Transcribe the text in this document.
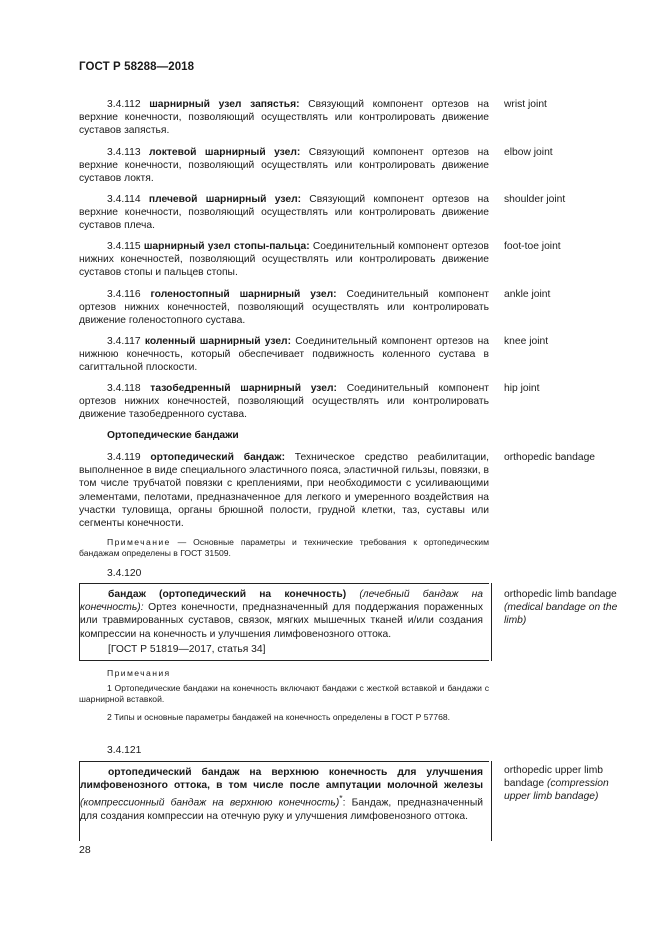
ГОСТ Р 58288—2018

3.4.112 шарнирный узел запястья: Связующий компонент ортезов на верхние конечности, позволяющий осуществлять или контролировать движение суставов запястья.

wrist joint

3.4.113 локтевой шарнирный узел: Связующий компонент ортезов на верхние конечности, позволяющий осуществлять или контролировать движение суставов локтя.

elbow joint

3.4.114 плечевой шарнирный узел: Связующий компонент ортезов на верхние конечности, позволяющий осуществлять или контролировать движение суставов плеча.

shoulder joint

3.4.115 шарнирный узел стопы-пальца: Соединительный компонент ортезов нижних конечностей, позволяющий осуществлять или контролировать движение суставов стопы и пальцев стопы.

foot-toe joint

3.4.116 голеностопный шарнирный узел: Соединительный компонент ортезов нижних конечностей, позволяющий осуществлять или контролировать движение голеностопного сустава.

ankle joint

3.4.117 коленный шарнирный узел: Соединительный компонент ортезов на нижнюю конечность, который обеспечивает подвижность коленного сустава в сагиттальной плоскости.

knee joint

3.4.118 тазобедренный шарнирный узел: Соединительный компонент ортезов нижних конечностей, позволяющий осуществлять или контролировать движение тазобедренного сустава.

hip joint
Ортопедические бандажи

3.4.119 ортопедический бандаж: Техническое средство реабилитации, выполненное в виде специального эластичного пояса, эластичной гильзы, повязки, в том числе трубчатой повязки с креплениями, при необходимости с усиливающими элементами, пелотами, предназначенное для легкого и умеренного воздействия на участки туловища, органы брюшной полости, грудной клетки, таз, суставы или сегменты конечности.

orthopedic bandage

Примечание — Основные параметры и технические требования к ортопедическим бандажам определены в ГОСТ 31509.

3.4.120

бандаж (ортопедический на конечность) (лечебный бандаж на конечность): Ортез конечности, предназначенный для поддержания пораженных или травмированных суставов, связок, мягких мышечных тканей и/или создания компрессии на конечность и улучшения лимфовенозного оттока.

[ГОСТ Р 51819—2017, статья 34]
orthopedic limb bandage (medical bandage on the limb)

Примечания

1 Ортопедические бандажи на конечность включают бандажи с жесткой вставкой и бандажи с шарнирной вставкой.

2 Типы и основные параметры бандажей на конечность определены в ГОСТ Р 57768.

3.4.121

ортопедический бандаж на верхнюю конечность для улучшения лимфовенозного оттока, в том числе после ампутации молочной железы (компрессионный бандаж на верхнюю конечность)*: Бандаж, предназначенный для создания компрессии на отечную руку и улучшения лимфовенозного оттока.

orthopedic upper limb bandage (compression upper limb bandage)
28
